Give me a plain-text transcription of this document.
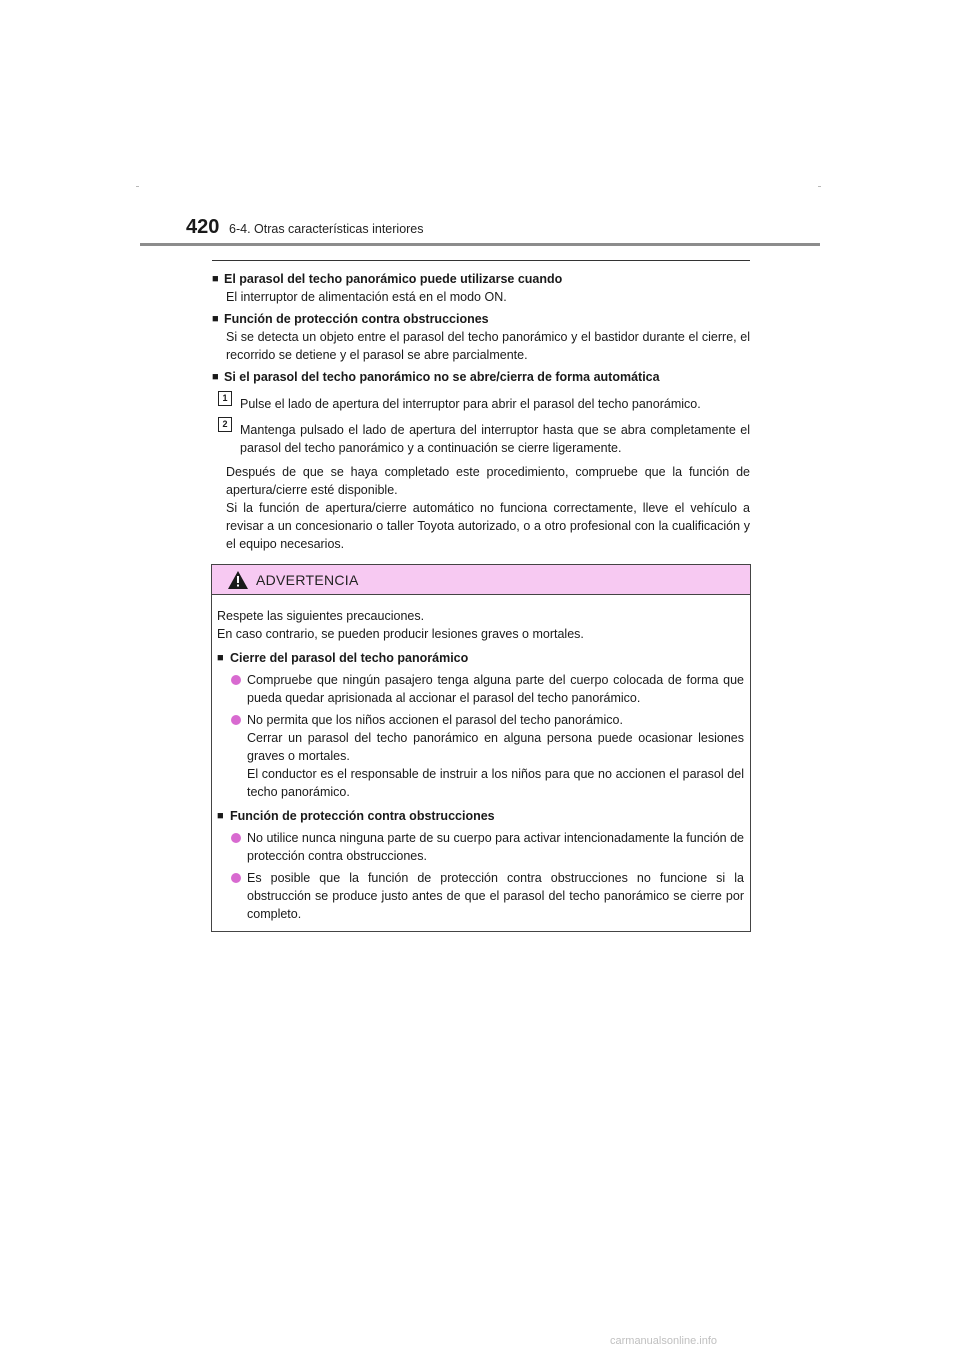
420 6-4. Otras características interiores
■ El parasol del techo panorámico puede utilizarse cuando
El interruptor de alimentación está en el modo ON.
■ Función de protección contra obstrucciones
Si se detecta un objeto entre el parasol del techo panorámico y el bastidor durante el cierre, el recorrido se detiene y el parasol se abre parcialmente.
■ Si el parasol del techo panorámico no se abre/cierra de forma automática
1	Pulse el lado de apertura del interruptor para abrir el parasol del techo panorámico.
2	Mantenga pulsado el lado de apertura del interruptor hasta que se abra completamente el parasol del techo panorámico y a continuación se cierre ligeramente.
Después de que se haya completado este procedimiento, compruebe que la función de apertura/cierre esté disponible.
Si la función de apertura/cierre automático no funciona correctamente, lleve el vehículo a revisar a un concesionario o taller Toyota autorizado, o a otro profesional con la cualificación y el equipo necesarios.
ADVERTENCIA
Respete las siguientes precauciones.
En caso contrario, se pueden producir lesiones graves o mortales.
■ Cierre del parasol del techo panorámico
Compruebe que ningún pasajero tenga alguna parte del cuerpo colocada de forma que pueda quedar aprisionada al accionar el parasol del techo panorámico.
No permita que los niños accionen el parasol del techo panorámico.
Cerrar un parasol del techo panorámico en alguna persona puede ocasionar lesiones graves o mortales.
El conductor es el responsable de instruir a los niños para que no accionen el parasol del techo panorámico.
■ Función de protección contra obstrucciones
No utilice nunca ninguna parte de su cuerpo para activar intencionadamente la función de protección contra obstrucciones.
Es posible que la función de protección contra obstrucciones no funcione si la obstrucción se produce justo antes de que el parasol del techo panorámico se cierre por completo.
carmanualsonline.info
